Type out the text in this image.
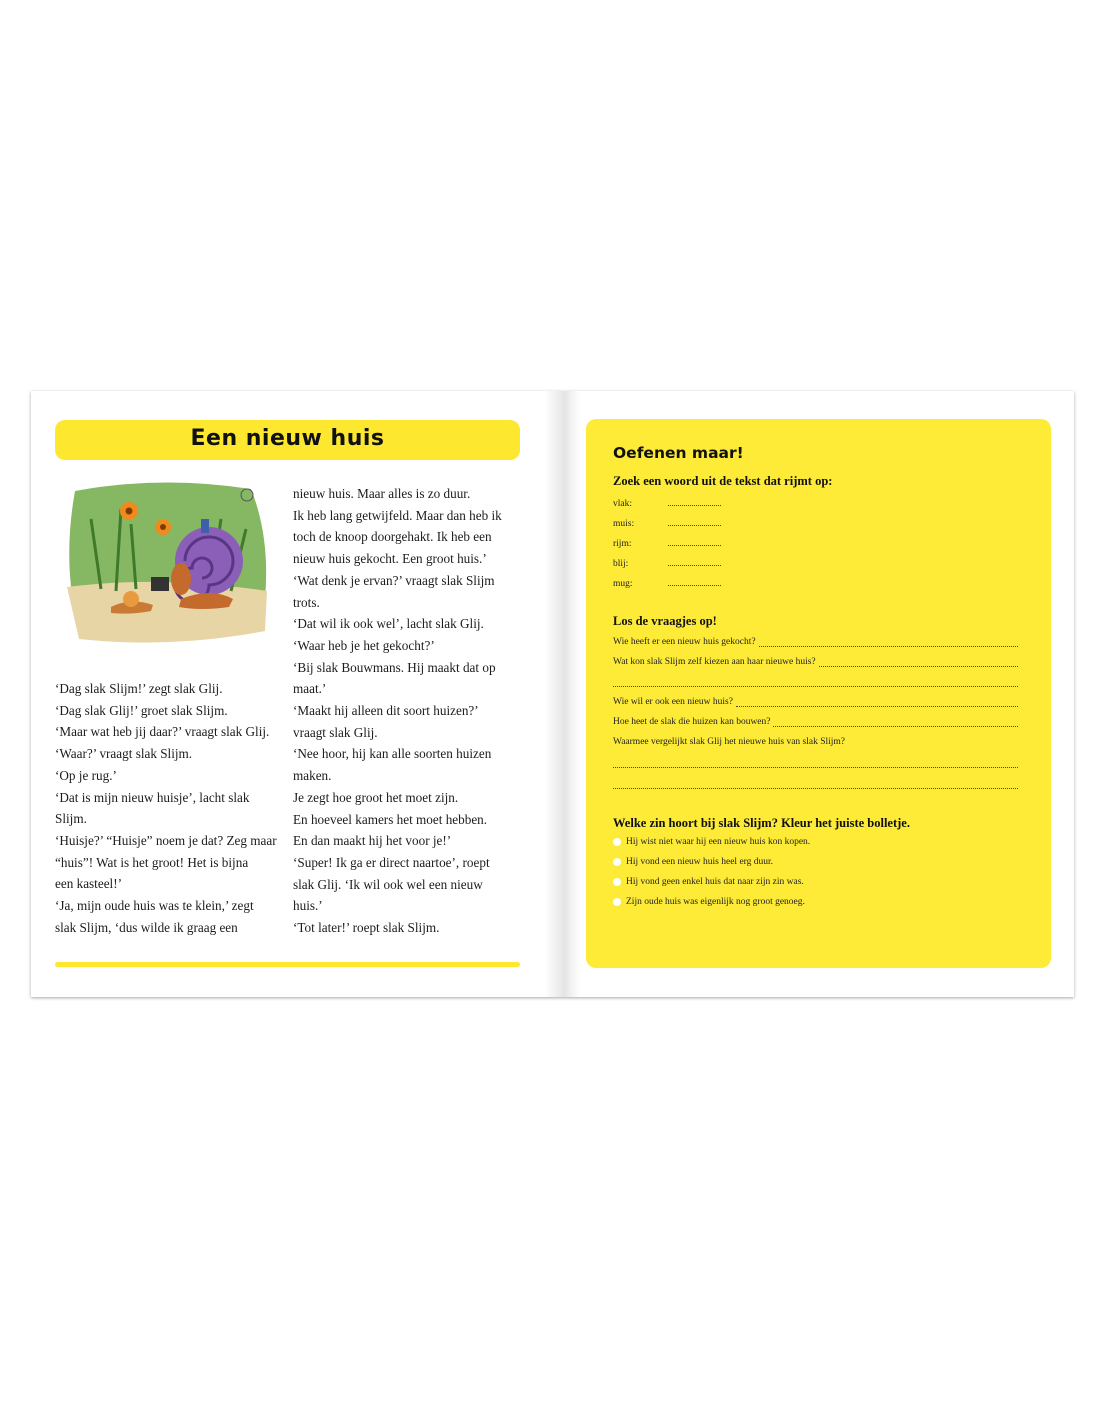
Een nieuw huis
‘Dag slak Slijm!’ zegt slak Glij.
‘Dag slak Glij!’ groet slak Slijm.
‘Maar wat heb jij daar?’ vraagt slak Glij.
‘Waar?’ vraagt slak Slijm.
‘Op je rug.’
‘Dat is mijn nieuw huisje’, lacht slak
Slijm.
‘Huisje?’ “Huisje” noem je dat? Zeg maar
“huis”! Wat is het groot! Het is bijna
een kasteel!’
‘Ja, mijn oude huis was te klein,’ zegt
slak Slijm, ‘dus wilde ik graag een
nieuw huis. Maar alles is zo duur.
Ik heb lang getwijfeld. Maar dan heb ik
toch de knoop doorgehakt. Ik heb een
nieuw huis gekocht. Een groot huis.’
‘Wat denk je ervan?’ vraagt slak Slijm
trots.
‘Dat wil ik ook wel’, lacht slak Glij.
‘Waar heb je het gekocht?’
‘Bij slak Bouwmans. Hij maakt dat op
maat.’
‘Maakt hij alleen dit soort huizen?’
vraagt slak Glij.
‘Nee hoor, hij kan alle soorten huizen
maken.
Je zegt hoe groot het moet zijn.
En hoeveel kamers het moet hebben.
En dan maakt hij het voor je!’
‘Super! Ik ga er direct naartoe’, roept
slak Glij. ‘Ik wil ook wel een nieuw
huis.’
‘Tot later!’ roept slak Slijm.
Oefenen maar!
Zoek een woord uit de tekst dat rijmt op:
vlak:
muis:
rijm:
blij:
mug:
Los de vraagjes op!
Wie heeft er een nieuw huis gekocht?
Wat kon slak Slijm zelf kiezen aan haar nieuwe huis?
Wie wil er ook een nieuw huis?
Hoe heet de slak die huizen kan bouwen?
Waarmee vergelijkt slak Glij het nieuwe huis van slak Slijm?
Welke zin hoort bij slak Slijm? Kleur het juiste bolletje.
Hij wist niet waar hij een nieuw huis kon kopen.
Hij vond een nieuw huis heel erg duur.
Hij vond geen enkel huis dat naar zijn zin was.
Zijn oude huis was eigenlijk nog groot genoeg.
